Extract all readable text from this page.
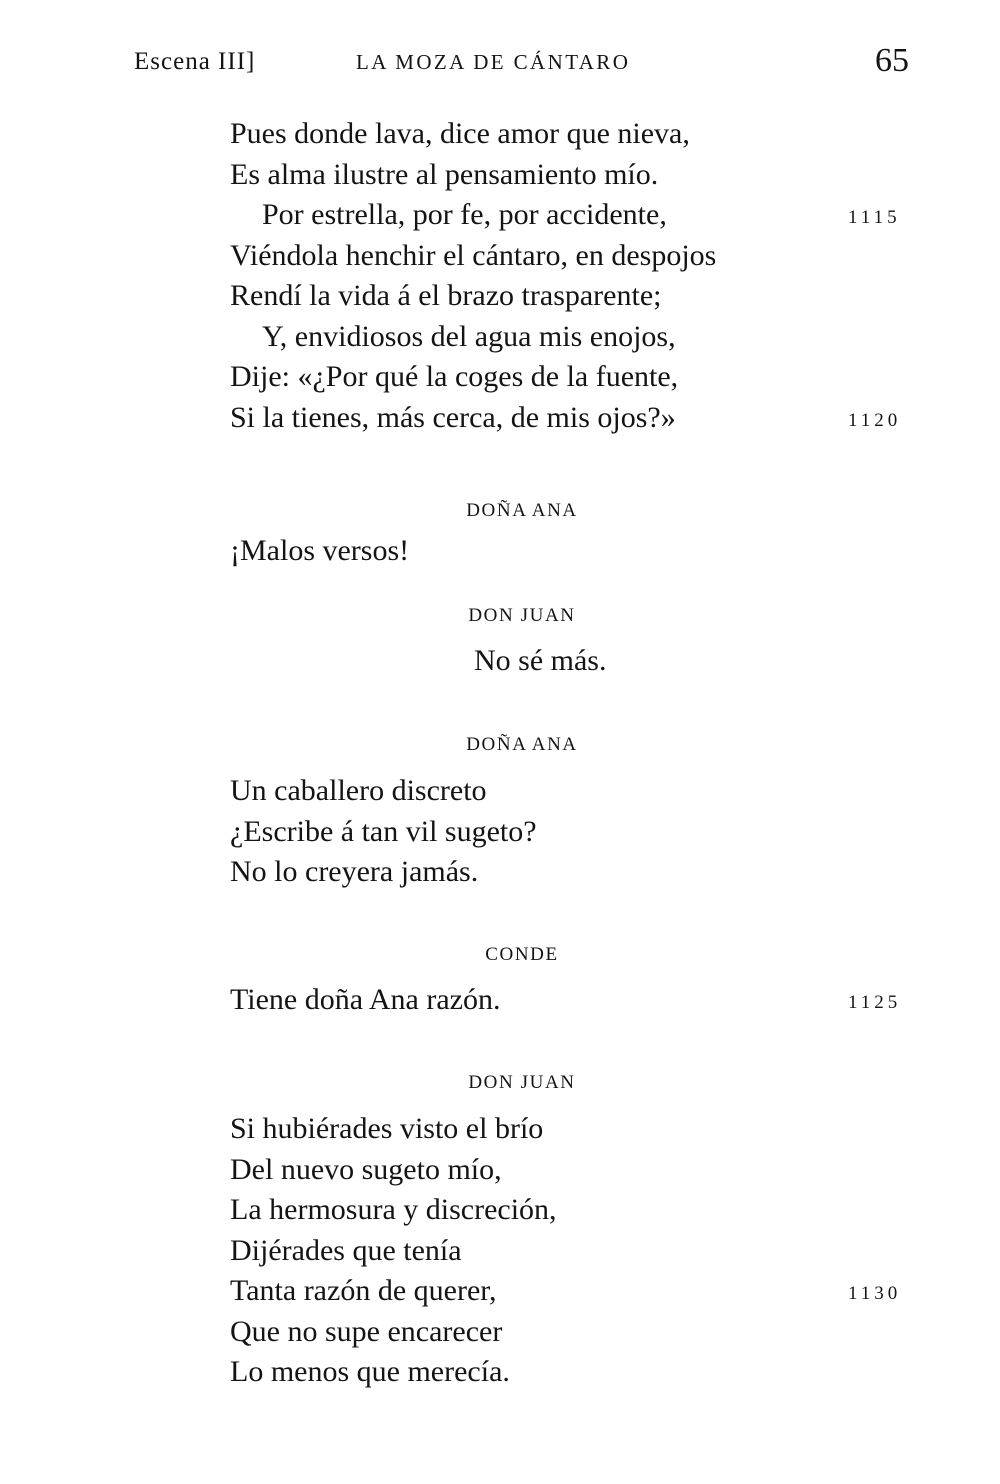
Escena III]	LA MOZA DE CÁNTARO	65
Pues donde lava, dice amor que nieva,
Es alma ilustre al pensamiento mío.
Por estrella, por fe, por accidente,	1115
Viéndola henchir el cántaro, en despojos
Rendí la vida á el brazo trasparente;
Y, envidiosos del agua mis enojos,
Dije: «¿Por qué la coges de la fuente,
Si la tienes, más cerca, de mis ojos?»	1120
DOÑA ANA
¡Malos versos!
DON JUAN
No sé más.
DOÑA ANA
Un caballero discreto
¿Escribe á tan vil sugeto?
No lo creyera jamás.
CONDE
Tiene doña Ana razón.	1125
DON JUAN
Si hubiérades visto el brío
Del nuevo sugeto mío,
La hermosura y discreción,
Dijérades que tenía
Tanta razón de querer,	1130
Que no supe encarecer
Lo menos que merecía.
